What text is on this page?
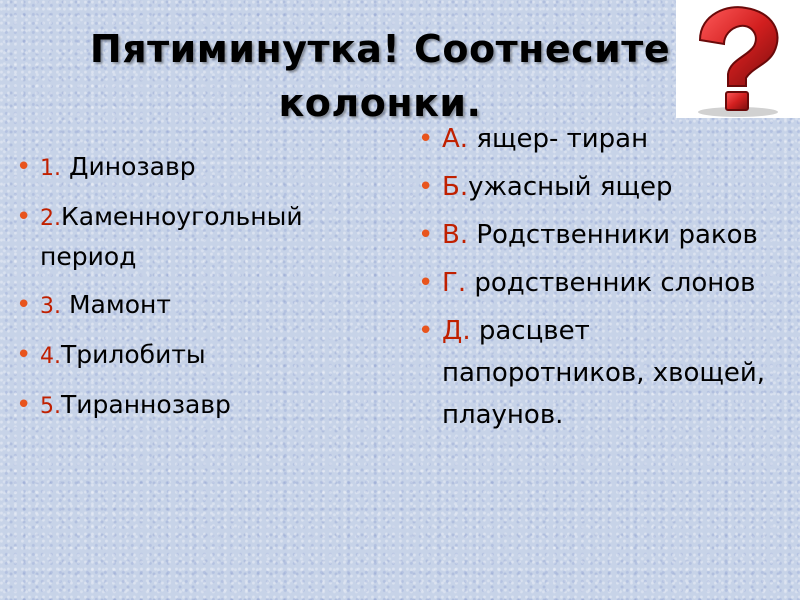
Пятиминутка! Соотнесите колонки.
• 1. Динозавр
• 2.Каменноугольный период
• 3. Мамонт
• 4.Трилобиты
• 5.Тираннозавр
• А. ящер- тиран
• Б.ужасный ящер
• В. Родственники раков
• Г. родственник слонов
• Д. расцвет папоротников, хвощей, плаунов.
